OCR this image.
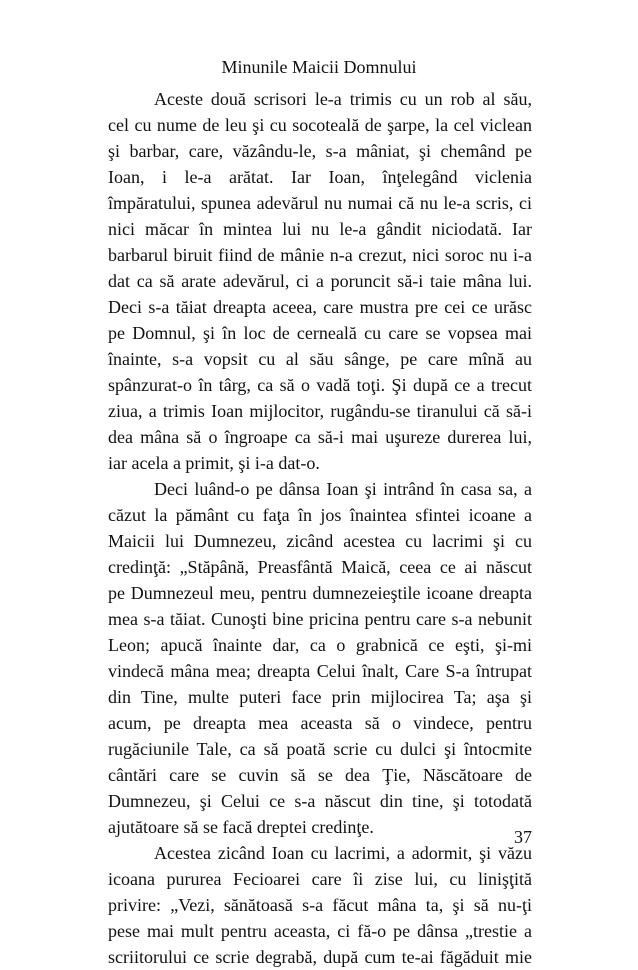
Minunile Maicii Domnului
Aceste două scrisori le-a trimis cu un rob al său,
cel cu nume de leu şi cu socoteală de şarpe, la cel viclean
şi barbar, care, văzându-le, s-a mâniat, şi chemând pe
Ioan, i le-a arătat. Iar Ioan, înţelegând viclenia
împăratului, spunea adevărul nu numai că nu le-a scris, ci
nici măcar în mintea lui nu le-a gândit niciodată. Iar
barbarul biruit fiind de mânie n-a crezut, nici soroc nu i-a
dat ca să arate adevărul, ci a poruncit să-i taie mâna lui.
Deci s-a tăiat dreapta aceea, care mustra pre cei ce urăsc
pe Domnul, şi în loc de cerneală cu care se vopsea mai
înainte, s-a vopsit cu al său sânge, pe care mînă au
spânzurat-o în târg, ca să o vadă toţi. Şi după ce a trecut
ziua, a trimis Ioan mijlocitor, rugându-se tiranului că să-i
dea mâna să o îngroape ca să-i mai uşureze durerea lui,
iar acela a primit, şi i-a dat-o.
Deci luând-o pe dânsa Ioan şi intrând în casa sa, a
căzut la pământ cu faţa în jos înaintea sfintei icoane a
Maicii lui Dumnezeu, zicând acestea cu lacrimi şi cu
credinţă: „Stăpână, Preasfântă Maică, ceea ce ai născut
pe Dumnezeul meu, pentru dumnezeieştile icoane dreapta
mea s-a tăiat. Cunoşti bine pricina pentru care s-a nebunit
Leon; apucă înainte dar, ca o grabnică ce eşti, şi-mi
vindecă mâna mea; dreapta Celui înalt, Care S-a întrupat
din Tine, multe puteri face prin mijlocirea Ta; aşa şi
acum, pe dreapta mea aceasta să o vindece, pentru
rugăciunile Tale, ca să poată scrie cu dulci şi întocmite
cântări care se cuvin să se dea Ţie, Născătoare de
Dumnezeu, şi Celui ce s-a născut din tine, şi totodată
ajutătoare să se facă dreptei credinţe.
Acestea zicând Ioan cu lacrimi, a adormit, şi văzu
icoana pururea Fecioarei care îi zise lui, cu linişţită
privire: „Vezi, sănătoasă s-a făcut mâna ta, şi să nu-ţi
pese mai mult pentru aceasta, ci fă-o pe dânsa „trestie a
scriitorului ce scrie degrabă, după cum te-ai făgăduit mie
37
